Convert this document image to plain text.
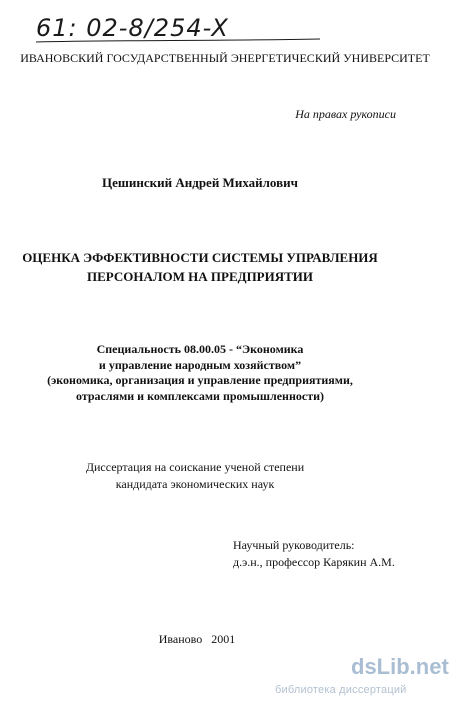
61: 02-8/254-X
ИВАНОВСКИЙ ГОСУДАРСТВЕННЫЙ ЭНЕРГЕТИЧЕСКИЙ УНИВЕРСИТЕТ
На правах рукописи
Цешинский Андрей Михайлович
ОЦЕНКА ЭФФЕКТИВНОСТИ СИСТЕМЫ УПРАВЛЕНИЯ
ПЕРСОНАЛОМ НА ПРЕДПРИЯТИИ
Специальность 08.00.05 - “Экономика
и управление народным хозяйством”
(экономика, организация и управление предприятиями,
отраслями и комплексами промышленности)
Диссертация на соискание ученой степени
кандидата экономических наук
Научный руководитель:
д.э.н., профессор Карякин А.М.
Иваново   2001
dsLib.net
библиотека диссертаций
